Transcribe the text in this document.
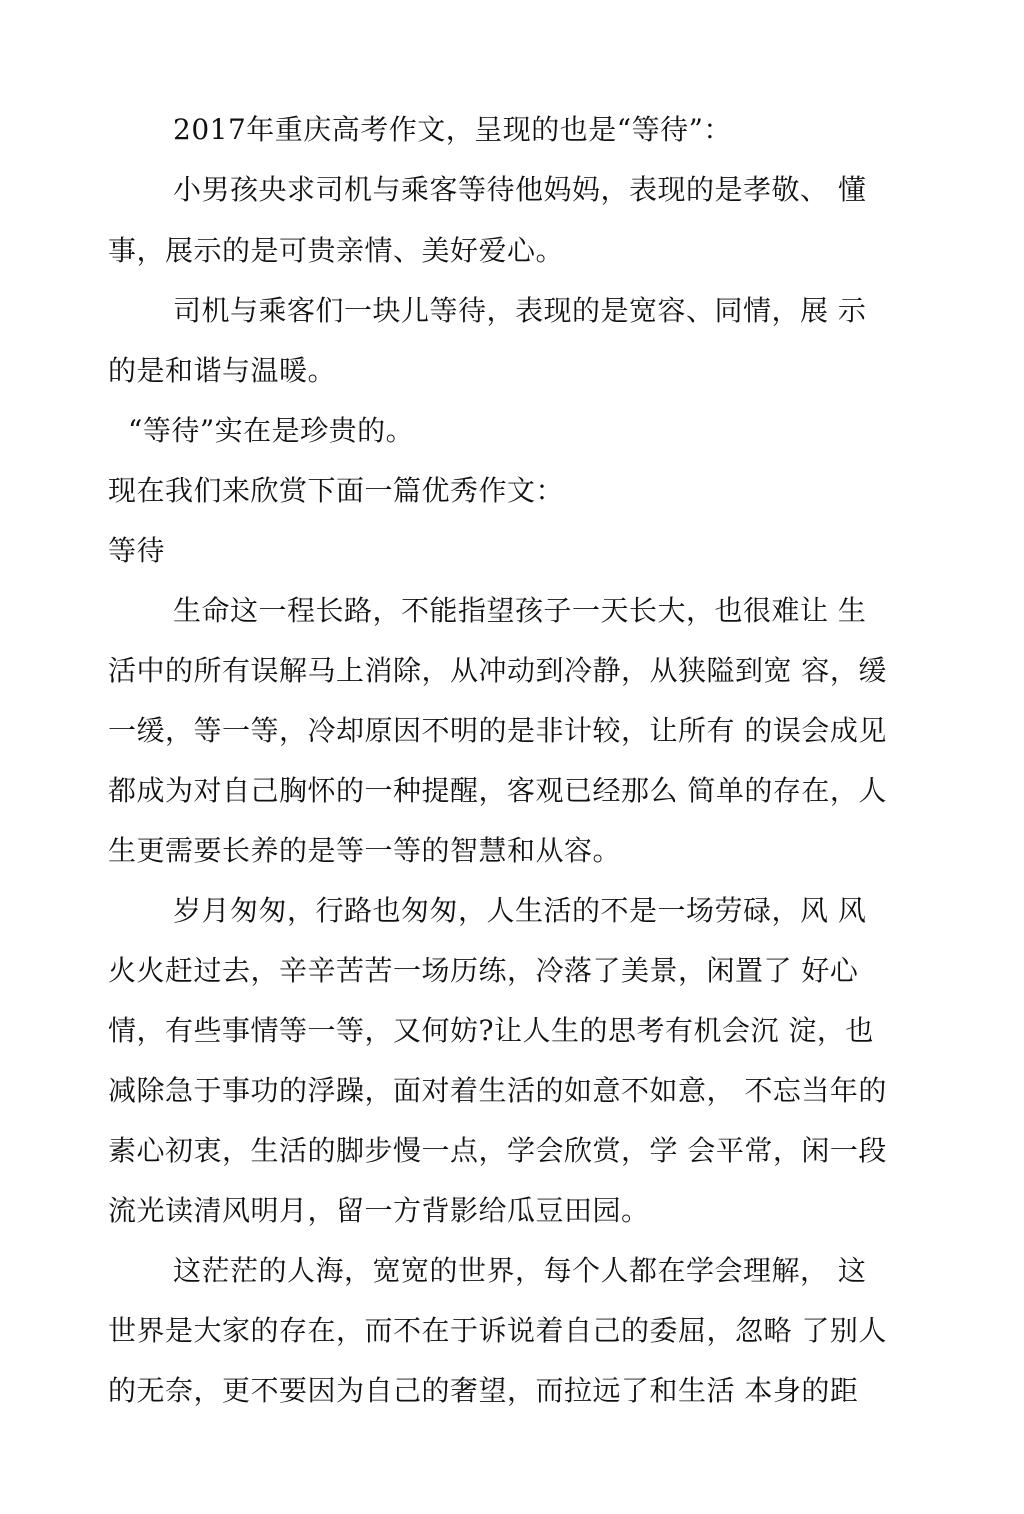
2017年重庆高考作文，呈现的也是“等待”：
小男孩央求司机与乘客等待他妈妈，表现的是孝敬、 懂
事，展示的是可贵亲情、美好爱心。
司机与乘客们一块儿等待，表现的是宽容、同情，展 示
的是和谐与温暖。
“等待”实在是珍贵的。
现在我们来欣赏下面一篇优秀作文：
等待
生命这一程长路，不能指望孩子一天长大，也很难让 生
活中的所有误解马上消除，从冲动到冷静，从狭隘到宽 容，缓
一缓，等一等，冷却原因不明的是非计较，让所有 的误会成见
都成为对自己胸怀的一种提醒，客观已经那么 简单的存在，人
生更需要长养的是等一等的智慧和从容。
岁月匆匆，行路也匆匆，人生活的不是一场劳碌，风 风
火火赶过去，辛辛苦苦一场历练，冷落了美景，闲置了 好心
情，有些事情等一等，又何妨?让人生的思考有机会沉 淀，也
减除急于事功的浮躁，面对着生活的如意不如意， 不忘当年的
素心初衷，生活的脚步慢一点，学会欣赏，学 会平常，闲一段
流光读清风明月，留一方背影给瓜豆田园。
这茫茫的人海，宽宽的世界，每个人都在学会理解， 这
世界是大家的存在，而不在于诉说着自己的委屈，忽略 了别人
的无奈，更不要因为自己的奢望，而拉远了和生活 本身的距
